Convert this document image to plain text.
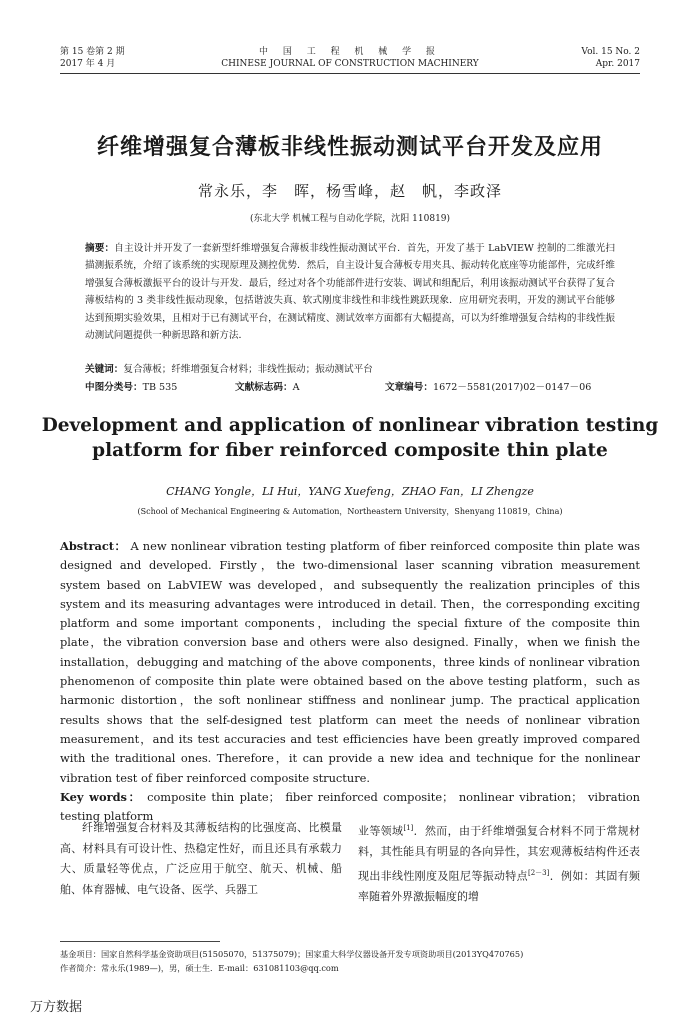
第 15 卷第 2 期
2017 年 4 月
中 国 工 程 机 械 学 报
CHINESE JOURNAL OF CONSTRUCTION MACHINERY
Vol. 15 No. 2
Apr. 2017
纤维增强复合薄板非线性振动测试平台开发及应用
常永乐，李　晖，杨雪峰，赵　帆，李政泽
(东北大学 机械工程与自动化学院，沈阳 110819)
摘要：自主设计并开发了一套新型纤维增强复合薄板非线性振动测试平台．首先，开发了基于 LabVIEW 控制的二维激光扫描测振系统，介绍了该系统的实现原理及测控优势．然后，自主设计复合薄板专用夹具、振动转化底座等功能部件，完成纤维增强复合薄板激振平台的设计与开发．最后，经过对各个功能部件进行安装、调试和组配后，利用该振动测试平台获得了复合薄板结构的 3 类非线性振动现象，包括谐波失真、软式刚度非线性和非线性跳跃现象．应用研究表明，开发的测试平台能够达到预期实验效果，且相对于已有测试平台，在测试精度、测试效率方面都有大幅提高，可以为纤维增强复合结构的非线性振动测试问题提供一种新思路和新方法．
关键词：复合薄板；纤维增强复合材料；非线性振动；振动测试平台
中图分类号：TB 535	文献标志码：A	文章编号：1672－5581(2017)02－0147－06
Development and application of nonlinear vibration testing platform for fiber reinforced composite thin plate
CHANG Yongle，LI Hui，YANG Xuefeng，ZHAO Fan，LI Zhengze
(School of Mechanical Engineering & Automation，Northeastern University，Shenyang 110819，China)
Abstract： A new nonlinear vibration testing platform of fiber reinforced composite thin plate was designed and developed. Firstly，the two-dimensional laser scanning vibration measurement system based on LabVIEW was developed，and subsequently the realization principles of this system and its measuring advantages were introduced in detail. Then，the corresponding exciting platform and some important components，including the special fixture of the composite thin plate，the vibration conversion base and others were also designed. Finally，when we finish the installation，debugging and matching of the above components，three kinds of nonlinear vibration phenomenon of composite thin plate were obtained based on the above testing platform，such as harmonic distortion，the soft nonlinear stiffness and nonlinear jump. The practical application results shows that the self-designed test platform can meet the needs of nonlinear vibration measurement，and its test accuracies and test efficiencies have been greatly improved compared with the traditional ones. Therefore，it can provide a new idea and technique for the nonlinear vibration test of fiber reinforced composite structure.
Key words： composite thin plate； fiber reinforced composite； nonlinear vibration； vibration testing platform
纤维增强复合材料及其薄板结构的比强度高、比模量高、材料具有可设计性、热稳定性好，而且还具有承载力大、质量轻等优点，广泛应用于航空、航天、机械、船舶、体育器械、电气设备、医学、兵器工
业等领域[1]．然而，由于纤维增强复合材料不同于常规材料，其性能具有明显的各向异性，其宏观薄板结构件还表现出非线性刚度及阻尼等振动特点[2－3]．例如：其固有频率随着外界激振幅度的增
基金项目：国家自然科学基金资助项目(51505070，51375079)；国家重大科学仪器设备开发专项资助项目(2013YQ470765)
作者简介：常永乐(1989—)，男，硕士生．E-mail：631081103@qq.com
万方数据
